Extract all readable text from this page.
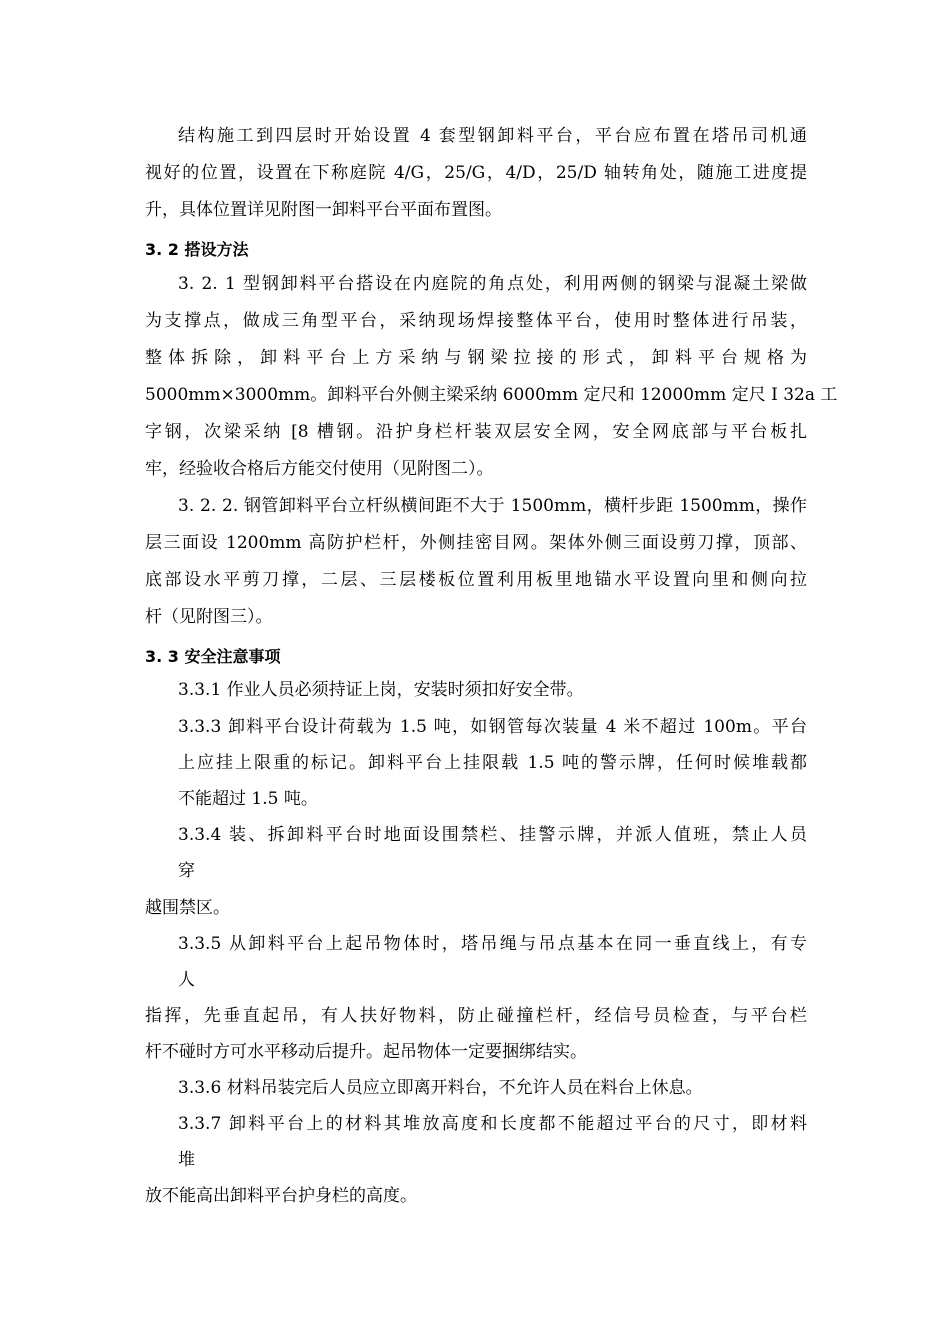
结构施工到四层时开始设置 4 套型钢卸料平台，平台应布置在塔吊司机通

视好的位置，设置在下称庭院 4/G，25/G，4/D，25/D 轴转角处，随施工进度提

升，具体位置详见附图一卸料平台平面布置图。

3. 2 搭设方法

3. 2. 1 型钢卸料平台搭设在内庭院的角点处，利用两侧的钢梁与混凝土梁做

为支撑点，做成三角型平台，采纳现场焊接整体平台，使用时整体进行吊装，

整体拆除，卸料平台上方采纳与钢梁拉接的形式，卸料平台规格为

5000mm×3000mm。卸料平台外侧主梁采纳 6000mm 定尺和 12000mm 定尺 I 32a 工

字钢，次梁采纳 [8 槽钢。沿护身栏杆装双层安全网，安全网底部与平台板扎

牢，经验收合格后方能交付使用（见附图二）。

3. 2. 2. 钢管卸料平台立杆纵横间距不大于 1500mm，横杆步距 1500mm，操作

层三面设 1200mm 高防护栏杆，外侧挂密目网。架体外侧三面设剪刀撑，顶部、

底部设水平剪刀撑，二层、三层楼板位置利用板里地锚水平设置向里和侧向拉

杆（见附图三）。

3. 3 安全注意事项

3.3.1 作业人员必须持证上岗，安装时须扣好安全带。

3.3.3 卸料平台设计荷载为 1.5 吨，如钢管每次装量 4 米不超过 100m。平台

上应挂上限重的标记。卸料平台上挂限载 1.5 吨的警示牌，任何时候堆载都

不能超过 1.5 吨。

3.3.4 装、拆卸料平台时地面设围禁栏、挂警示牌，并派人值班，禁止人员

穿

越围禁区。

3.3.5 从卸料平台上起吊物体时，塔吊绳与吊点基本在同一垂直线上，有专

人

指挥，先垂直起吊，有人扶好物料，防止碰撞栏杆，经信号员检查，与平台栏

杆不碰时方可水平移动后提升。起吊物体一定要捆绑结实。

3.3.6 材料吊装完后人员应立即离开料台，不允许人员在料台上休息。

3.3.7 卸料平台上的材料其堆放高度和长度都不能超过平台的尺寸，即材料

堆

放不能高出卸料平台护身栏的高度。
